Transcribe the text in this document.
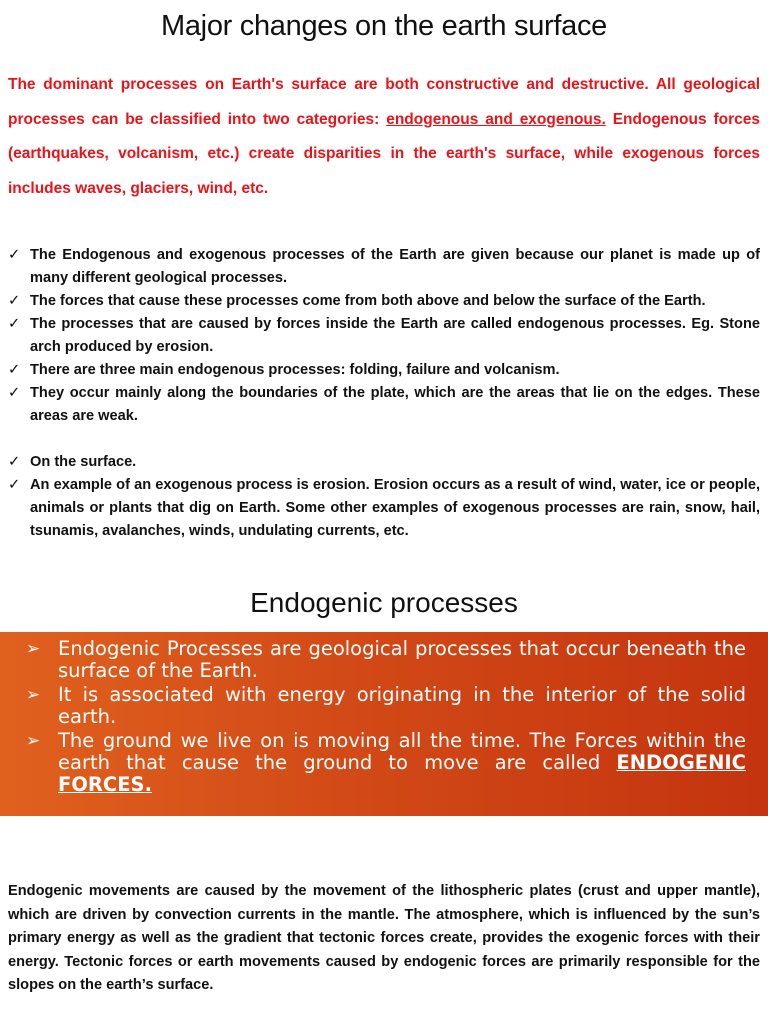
Major changes on the earth surface

The dominant processes on Earth's surface are both constructive and destructive. All geological processes can be classified into two categories: endogenous and exogenous. Endogenous forces (earthquakes, volcanism, etc.) create disparities in the earth's surface, while exogenous forces includes waves, glaciers, wind, etc.

✓ The Endogenous and exogenous processes of the Earth are given because our planet is made up of many different geological processes.
✓ The forces that cause these processes come from both above and below the surface of the Earth.
✓ The processes that are caused by forces inside the Earth are called endogenous processes. Eg. Stone arch produced by erosion.
✓ There are three main endogenous processes: folding, failure and volcanism.
✓ They occur mainly along the boundaries of the plate, which are the areas that lie on the edges. These areas are weak.
✓ On the surface.
✓ An example of an exogenous process is erosion. Erosion occurs as a result of wind, water, ice or people, animals or plants that dig on Earth. Some other examples of exogenous processes are rain, snow, hail, tsunamis, avalanches, winds, undulating currents, etc.
Endogenic processes
➢ Endogenic Processes are geological processes that occur beneath the surface of the Earth.
➢ It is associated with energy originating in the interior of the solid earth.
➢ The ground we live on is moving all the time. The Forces within the earth that cause the ground to move are called ENDOGENIC FORCES.

Endogenic movements are caused by the movement of the lithospheric plates (crust and upper mantle), which are driven by convection currents in the mantle. The atmosphere, which is influenced by the sun’s primary energy as well as the gradient that tectonic forces create, provides the exogenic forces with their energy. Tectonic forces or earth movements caused by endogenic forces are primarily responsible for the slopes on the earth’s surface.
